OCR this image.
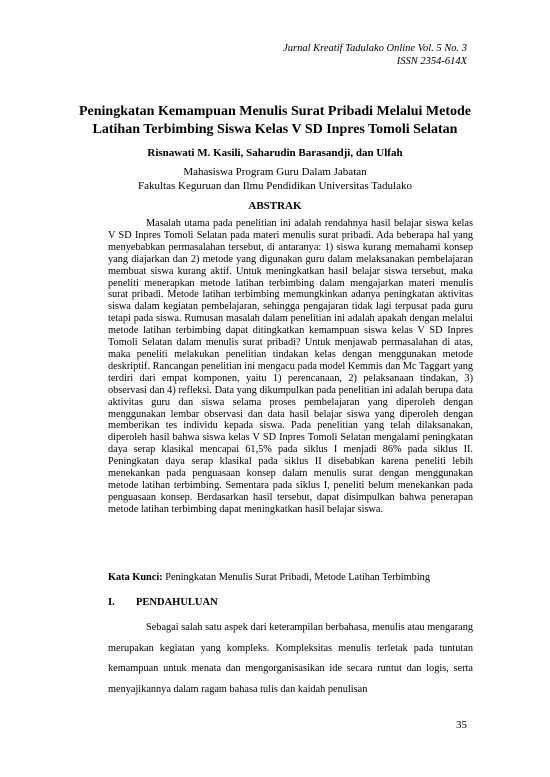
Jurnal Kreatif Tadulako Online Vol. 5 No. 3
ISSN 2354-614X
Peningkatan Kemampuan Menulis Surat Pribadi Melalui Metode Latihan Terbimbing Siswa Kelas V SD Inpres Tomoli Selatan
Risnawati M. Kasili, Saharudin Barasandji, dan Ulfah
Mahasiswa Program Guru Dalam Jabatan
Fakultas Keguruan dan Ilmu Pendidikan Universitas Tadulako
ABSTRAK
Masalah utama pada penelitian ini adalah rendahnya hasil belajar siswa kelas V SD Inpres Tomoli Selatan pada materi menulis surat pribadi. Ada beberapa hal yang menyebabkan permasalahan tersebut, di antaranya: 1) siswa kurang memahami konsep yang diajarkan dan 2) metode yang digunakan guru dalam melaksanakan pembelajaran membuat siswa kurang aktif. Untuk meningkatkan hasil belajar siswa tersebut, maka peneliti menerapkan metode latihan terbimbing dalam mengajarkan materi menulis surat pribadi. Metode latihan terbimbing memungkinkan adanya peningkatan aktivitas siswa dalam kegiatan pembelajaran, sehingga pengajaran tidak lagi terpusat pada guru tetapi pada siswa. Rumusan masalah dalam penelitian ini adalah apakah dengan melalui metode latihan terbimbing dapat ditingkatkan kemampuan siswa kelas V SD Inpres Tomoli Selatan dalam menulis surat pribadi? Untuk menjawab permasalahan di atas, maka peneliti melakukan penelitian tindakan kelas dengan menggunakan metode deskriptif. Rancangan penelitian ini mengacu pada model Kemmis dan Mc Taggart yang terdiri dari empat komponen, yaitu 1) perencanaan, 2) pelaksanaan tindakan, 3) observasi dan 4) refleksi. Data yang dikumpulkan pada penelitian ini adalah berupa data aktivitas guru dan siswa selama proses pembelajaran yang diperoleh dengan menggunakan lembar observasi dan data hasil belajar siswa yang diperoleh dengan memberikan tes individu kepada siswa. Pada penelitian yang telah dilaksanakan, diperoleh hasil bahwa siswa kelas V SD Inpres Tomoli Selatan mengalami peningkatan daya serap klasikal mencapai 61,5% pada siklus I menjadi 86% pada siklus II. Peningkatan daya serap klasikal pada siklus II disebabkan karena peneliti lebih menekankan pada penguasaan konsep dalam menulis surat dengan menggunakan metode latihan terbimbing. Sementara pada siklus I, peneliti belum menekankan pada penguasaan konsep. Berdasarkan hasil tersebut, dapat disimpulkan bahwa penerapan metode latihan terbimbing dapat meningkatkan hasil belajar siswa.
Kata Kunci: Peningkatan Menulis Surat Pribadi, Metode Latihan Terbimbing
I. PENDAHULUAN
Sebagai salah satu aspek dari keterampilan berbahasa, menulis atau mengarang merupakan kegiatan yang kompleks. Kompleksitas menulis terletak pada tuntutan kemampuan untuk menata dan mengorganisasikan ide secara runtut dan logis, serta menyajikannya dalam ragam bahasa tulis dan kaidah penulisan
35
